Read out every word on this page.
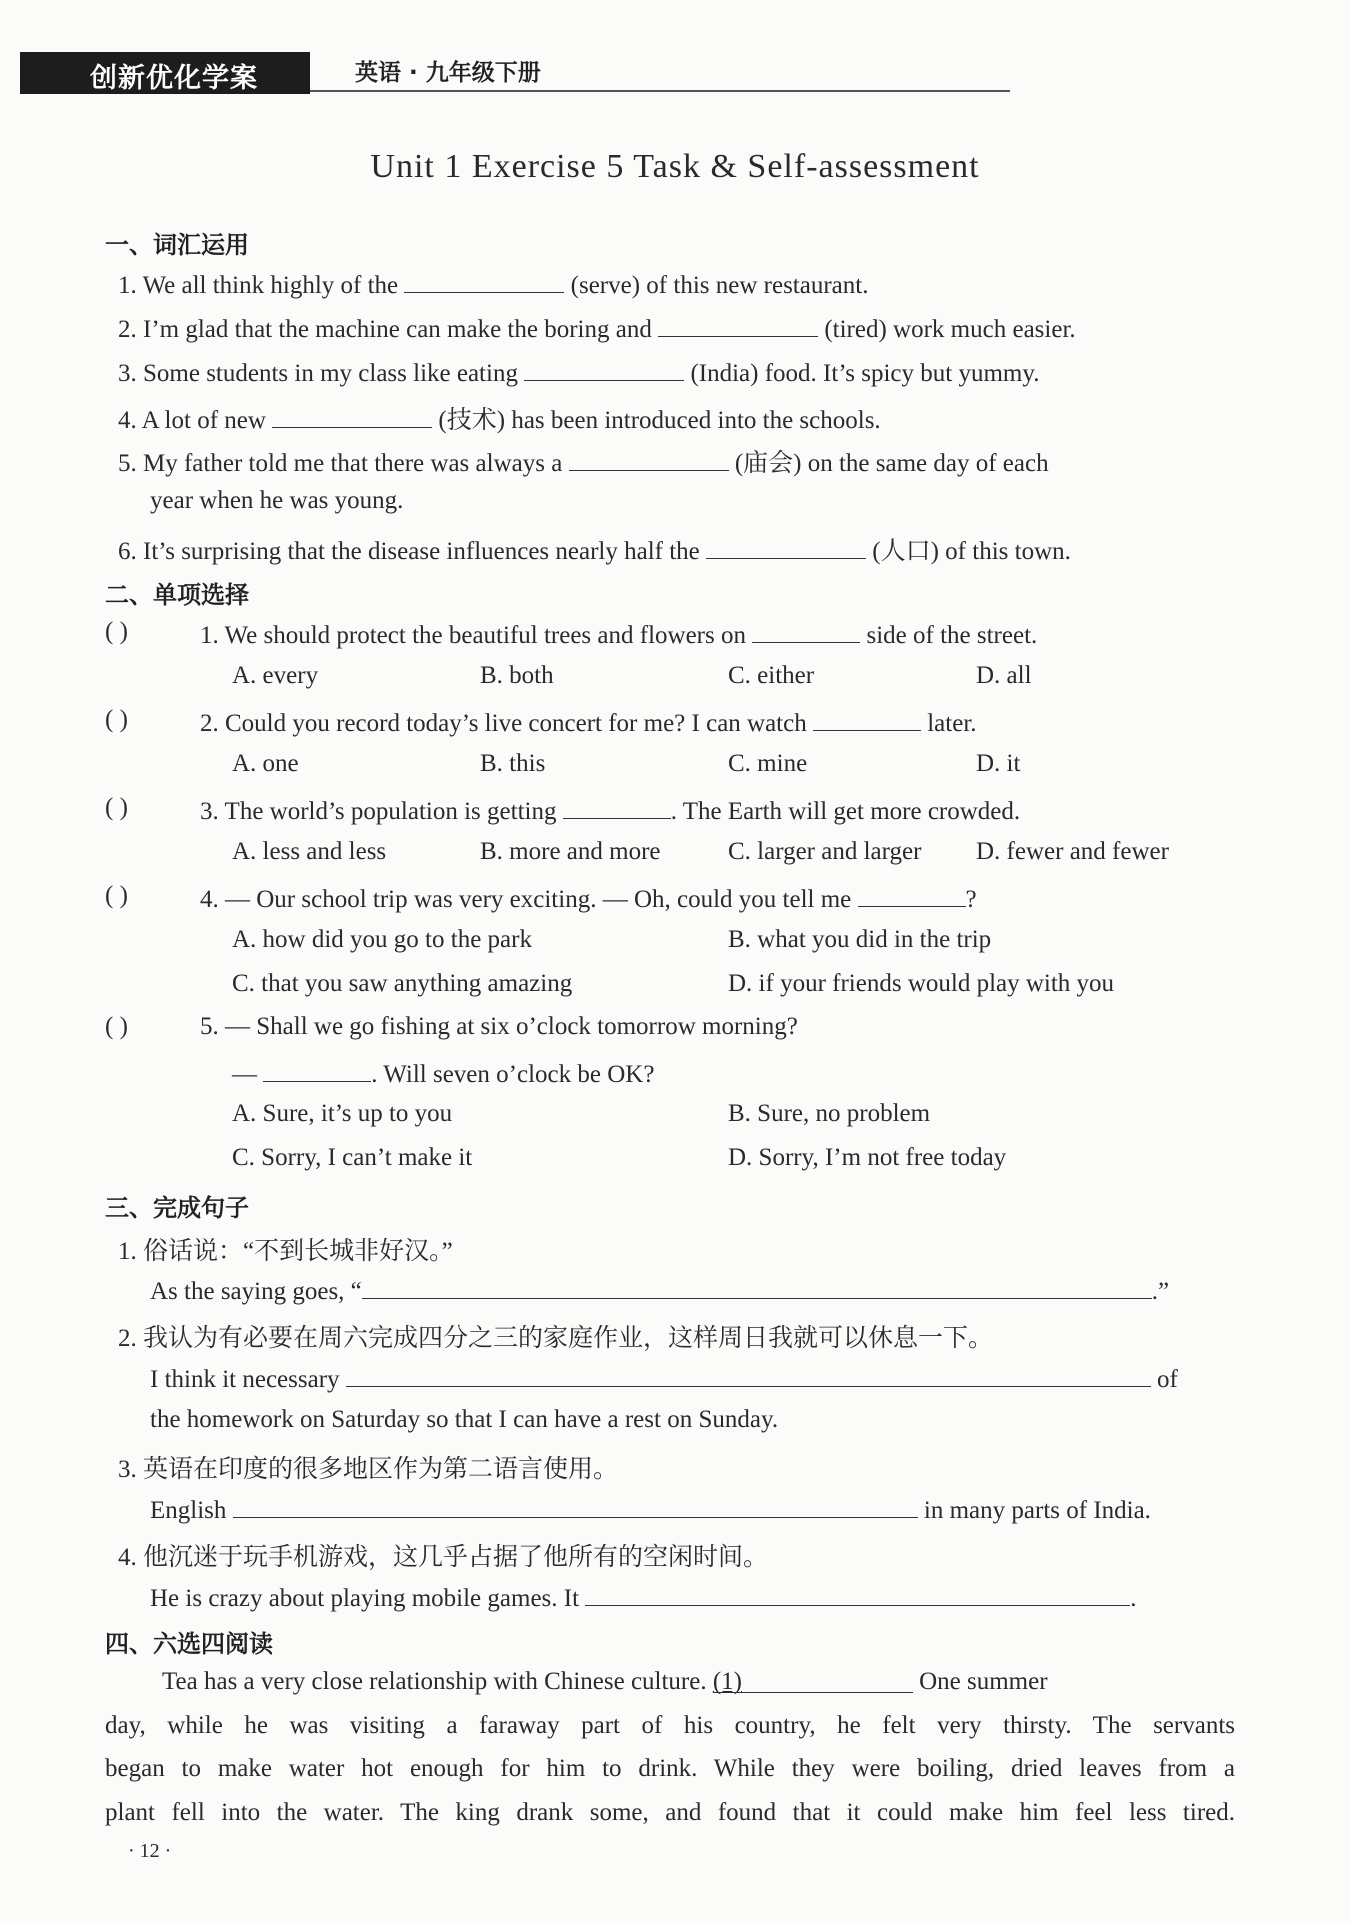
创新优化学案	英语 · 九年级下册
Unit 1 Exercise 5 Task & Self-assessment
一、词汇运用
1. We all think highly of the	(serve) of this new restaurant.
2. I’m glad that the machine can make the boring and	(tired) work much easier.
3. Some students in my class like eating	(India) food. It’s spicy but yummy.
4. A lot of new	(技术) has been introduced into the schools.
5. My father told me that there was always a	(庙会) on the same day of each
year when he was young.
6. It’s surprising that the disease influences nearly half the	(人口) of this town.
二、单项选择
( )	1. We should protect the beautiful trees and flowers on	side of the street.
A. every	B. both	C. either	D. all
( )	2. Could you record today’s live concert for me? I can watch	later.
A. one	B. this	C. mine	D. it
( )	3. The world’s population is getting	. The Earth will get more crowded.
A. less and less	B. more and more	C. larger and larger D. fewer and fewer
( )	4. — Our school trip was very exciting. — Oh, could you tell me	?
A. how did you go to the park	B. what you did in the trip
C. that you saw anything amazing	D. if your friends would play with you
( )	5. — Shall we go fishing at six o’clock tomorrow morning?
—	. Will seven o’clock be OK?
A. Sure, it’s up to you	B. Sure, no problem
C. Sorry, I can’t make it	D. Sorry, I’m not free today
三、完成句子
1. 俗话说：“不到长城非好汉。”
As the saying goes, “	.”
2. 我认为有必要在周六完成四分之三的家庭作业，这样周日我就可以休息一下。
I think it necessary	of
the homework on Saturday so that I can have a rest on Sunday.
3. 英语在印度的很多地区作为第二语言使用。
English	in many parts of India.
4. 他沉迷于玩手机游戏，这几乎占据了他所有的空闲时间。
He is crazy about playing mobile games. It	.
四、六选四阅读
Tea has a very close relationship with Chinese culture. (1)	One summer
day, while he was visiting a faraway part of his country, he felt very thirsty. The servants
began to make water hot enough for him to drink. While they were boiling, dried leaves from a
plant fell into the water. The king drank some, and found that it could make him feel less tired.
· 12 ·
